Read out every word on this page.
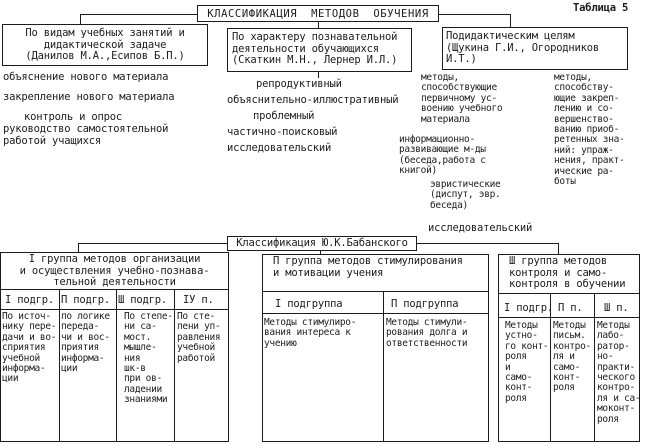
Таблица 5
КЛАССИФИКАЦИЯ  МЕТОДОВ  ОБУЧЕНИЯ
По видам учебных занятий и
дидактической задаче
(Данилов М.А.,Есипов Б.П.)
объяснение нового материала
закрепление нового материала
контроль и опрос
руководство самостоятельной
работой учащихся
По характеру познавательной
деятельности обучающихся
(Скаткин М.Н., Лернер И.Л.)
репродуктивный
объяснительно-иллюстративный
проблемный
частично-поисковый
исследовательский
Подидактическим целям
(Щукина Г.И., Огородников
И.Т.)
методы,
способствующие
первичному ус-
воению учебного
материала
информационно-
развивающие м-ды
(беседа,работа с
книгой)
эвристические
(диспут, эвр.
беседа)
исследовательский
методы,
способству-
ющие закреп-
лению и со-
вершенство-
ванию приоб-
ретенных зна-
ний: упраж-
нения, практ-
ические ра-
боты
Классификация Ю.К.Бабанского
I группа методов организации
и осуществления учебно-познава-
тельной деятельности
I подгр.
По источ-
нику пере-
дачи и во-
сприятия
учебной
информа-
ции
П подгр.
по логике
переда-
чи и вос-
приятия
информа-
ции
Ш подгр.
По степе-
ни са-
мост.
мышле-
ния
шк-в
при ов-
ладении
знаниями
IУ п.
По сте-
пени уп-
равления
учебной
работой
П группа методов стимулирования
и мотивации учения
I подгруппа
Методы стимулиро-
вания интереса к
учению
П подгруппа
Методы стимули-
рования долга и
ответственности
Ш группа методов
контроля и само-
контроля в обучении
I подгр.
Методы
устно-
го конт-
роля
и
само-
конт-
роля
П п.
Методы
письм.
контро-
ля и
само-
конт-
роля
Ш п.
Методы
лабо-
ратор-
но-
практи-
ческого
контро-
ля и са-
моконт-
роля
